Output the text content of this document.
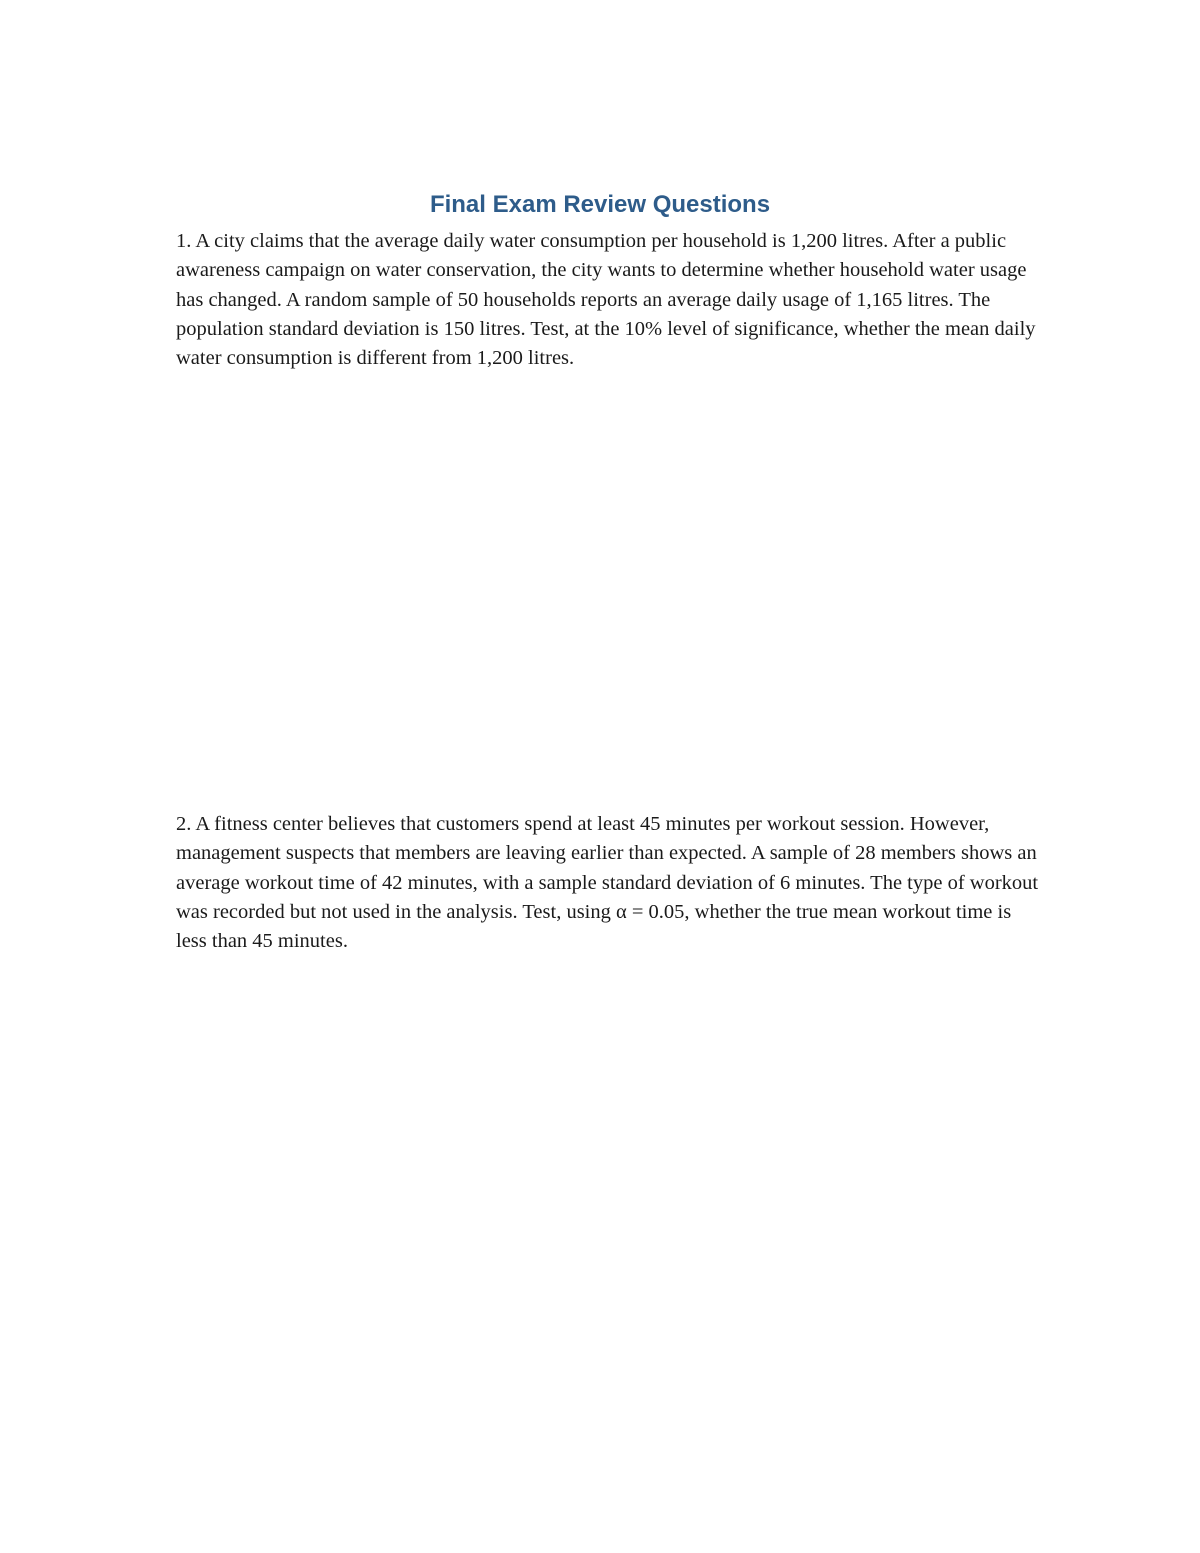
Final Exam Review Questions

1. A city claims that the average daily water consumption per household is 1,200 litres. After a public awareness campaign on water conservation, the city wants to determine whether household water usage has changed. A random sample of 50 households reports an average daily usage of 1,165 litres. The population standard deviation is 150 litres. Test, at the 10% level of significance, whether the mean daily water consumption is different from 1,200 litres.

2. A fitness center believes that customers spend at least 45 minutes per workout session. However, management suspects that members are leaving earlier than expected. A sample of 28 members shows an average workout time of 42 minutes, with a sample standard deviation of 6 minutes. The type of workout was recorded but not used in the analysis. Test, using α = 0.05, whether the true mean workout time is less than 45 minutes.
